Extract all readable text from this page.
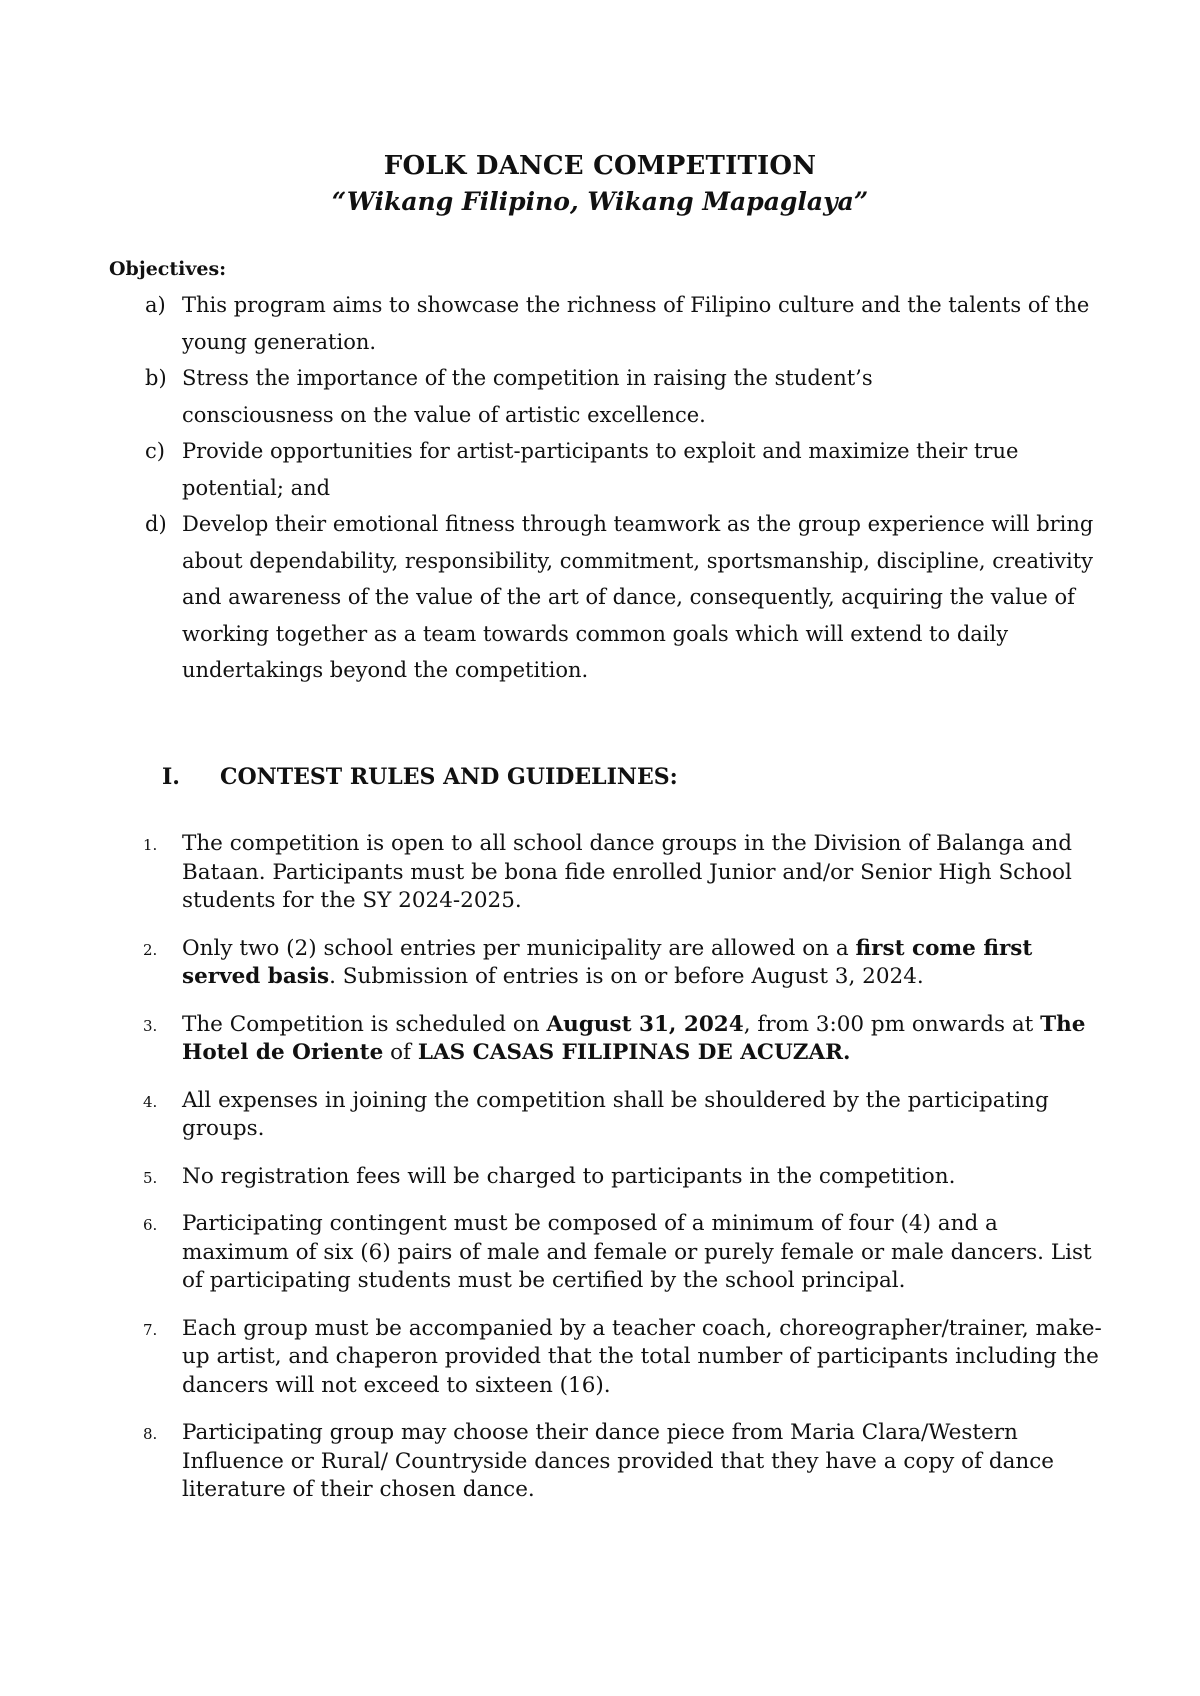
FOLK DANCE COMPETITION
“Wikang Filipino, Wikang Mapaglaya”
Objectives:
a) This program aims to showcase the richness of Filipino culture and the talents of the young generation.
b) Stress the importance of the competition in raising the student’s consciousness on the value of artistic excellence.
c) Provide opportunities for artist-participants to exploit and maximize their true potential; and
d) Develop their emotional fitness through teamwork as the group experience will bring about dependability, responsibility, commitment, sportsmanship, discipline, creativity and awareness of the value of the art of dance, consequently, acquiring the value of working together as a team towards common goals which will extend to daily undertakings beyond the competition.
I. CONTEST RULES AND GUIDELINES:
1. The competition is open to all school dance groups in the Division of Balanga and Bataan. Participants must be bona fide enrolled Junior and/or Senior High School students for the SY 2024-2025.
2. Only two (2) school entries per municipality are allowed on a first come first served basis. Submission of entries is on or before August 3, 2024.
3. The Competition is scheduled on August 31, 2024, from 3:00 pm onwards at The Hotel de Oriente of LAS CASAS FILIPINAS DE ACUZAR.
4. All expenses in joining the competition shall be shouldered by the participating groups.
5. No registration fees will be charged to participants in the competition.
6. Participating contingent must be composed of a minimum of four (4) and a maximum of six (6) pairs of male and female or purely female or male dancers. List of participating students must be certified by the school principal.
7. Each group must be accompanied by a teacher coach, choreographer/trainer, make-up artist, and chaperon provided that the total number of participants including the dancers will not exceed to sixteen (16).
8. Participating group may choose their dance piece from Maria Clara/Western Influence or Rural/ Countryside dances provided that they have a copy of dance literature of their chosen dance.
